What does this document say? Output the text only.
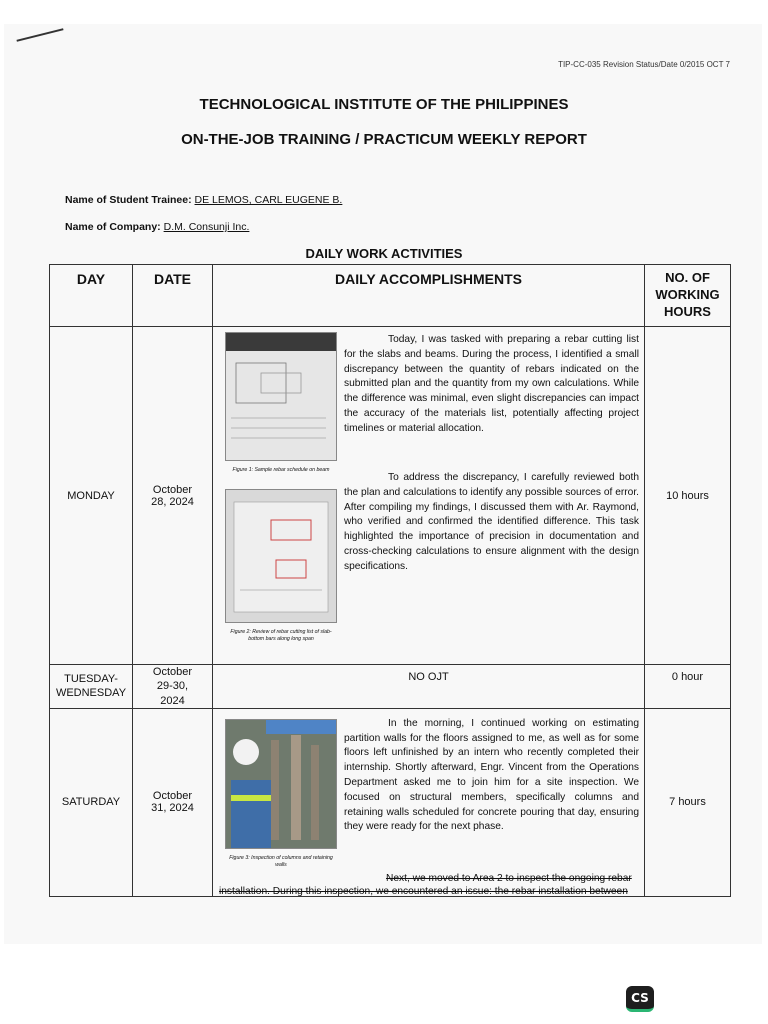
TIP-CC-035 Revision Status/Date 0/2015 OCT 7
TECHNOLOGICAL INSTITUTE OF THE PHILIPPINES
ON-THE-JOB TRAINING / PRACTICUM WEEKLY REPORT
Name of Student Trainee: DE LEMOS, CARL EUGENE B.
Name of Company: D.M. Consunji Inc.
DAILY WORK ACTIVITIES
DAY	DATE	DAILY ACCOMPLISHMENTS	NO. OF WORKING HOURS
MONDAY	October 28, 2024	Figure 1: Sample rebar schedule on beam
Figure 2: Review of rebar cutting list of slab-bottom bars along long span

Today, I was tasked with preparing a rebar cutting list for the slabs and beams. During the process, I identified a small discrepancy between the quantity of rebars indicated on the submitted plan and the quantity from my own calculations. While the difference was minimal, even slight discrepancies can impact the accuracy of the materials list, potentially affecting project timelines or material allocation.

To address the discrepancy, I carefully reviewed both the plan and calculations to identify any possible sources of error. After compiling my findings, I discussed them with Ar. Raymond, who verified and confirmed the identified difference. This task highlighted the importance of precision in documentation and cross-checking calculations to ensure alignment with the design specifications.	10 hours
TUESDAY-WEDNESDAY	October 29-30, 2024	NO OJT	0 hour
SATURDAY	October 31, 2024	Figure 3: Inspection of columns and retaining walls

In the morning, I continued working on estimating partition walls for the floors assigned to me, as well as for some floors left unfinished by an intern who recently completed their internship. Shortly afterward, Engr. Vincent from the Operations Department asked me to join him for a site inspection. We focused on structural members, specifically columns and retaining walls scheduled for concrete pouring that day, ensuring they were ready for the next phase.

Next, we moved to Area 2 to inspect the ongoing rebar
installation. During this inspection, we encountered an issue: the rebar installation between	7 hours
CS
